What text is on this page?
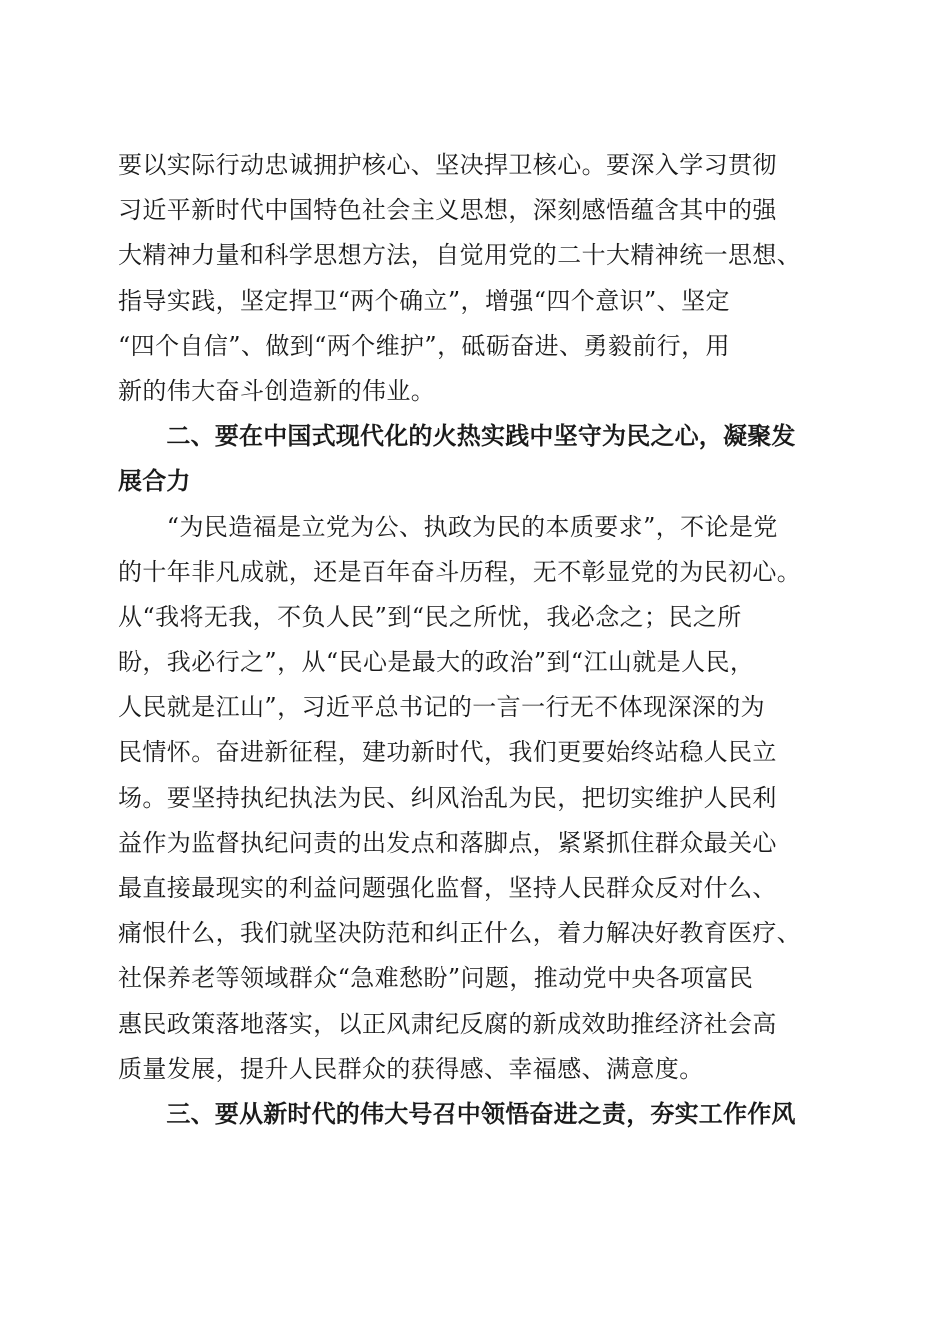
要以实际行动忠诚拥护核心、坚决捍卫核心。要深入学习贯彻
习近平新时代中国特色社会主义思想，深刻感悟蕴含其中的强
大精神力量和科学思想方法，自觉用党的二十大精神统一思想、
指导实践，坚定捍卫“两个确立”，增强“四个意识”、坚定
“四个自信”、做到“两个维护”，砥砺奋进、勇毅前行，用
新的伟大奋斗创造新的伟业。
　　二、要在中国式现代化的火热实践中坚守为民之心，凝聚发
展合力
　　“为民造福是立党为公、执政为民的本质要求”，不论是党
的十年非凡成就，还是百年奋斗历程，无不彰显党的为民初心。
从“我将无我，不负人民”到“民之所忧，我必念之；民之所
盼，我必行之”，从“民心是最大的政治”到“江山就是人民，
人民就是江山”，习近平总书记的一言一行无不体现深深的为
民情怀。奋进新征程，建功新时代，我们更要始终站稳人民立
场。要坚持执纪执法为民、纠风治乱为民，把切实维护人民利
益作为监督执纪问责的出发点和落脚点，紧紧抓住群众最关心
最直接最现实的利益问题强化监督，坚持人民群众反对什么、
痛恨什么，我们就坚决防范和纠正什么，着力解决好教育医疗、
社保养老等领域群众“急难愁盼”问题，推动党中央各项富民
惠民政策落地落实，以正风肃纪反腐的新成效助推经济社会高
质量发展，提升人民群众的获得感、幸福感、满意度。
　　三、要从新时代的伟大号召中领悟奋进之责，夯实工作作风
